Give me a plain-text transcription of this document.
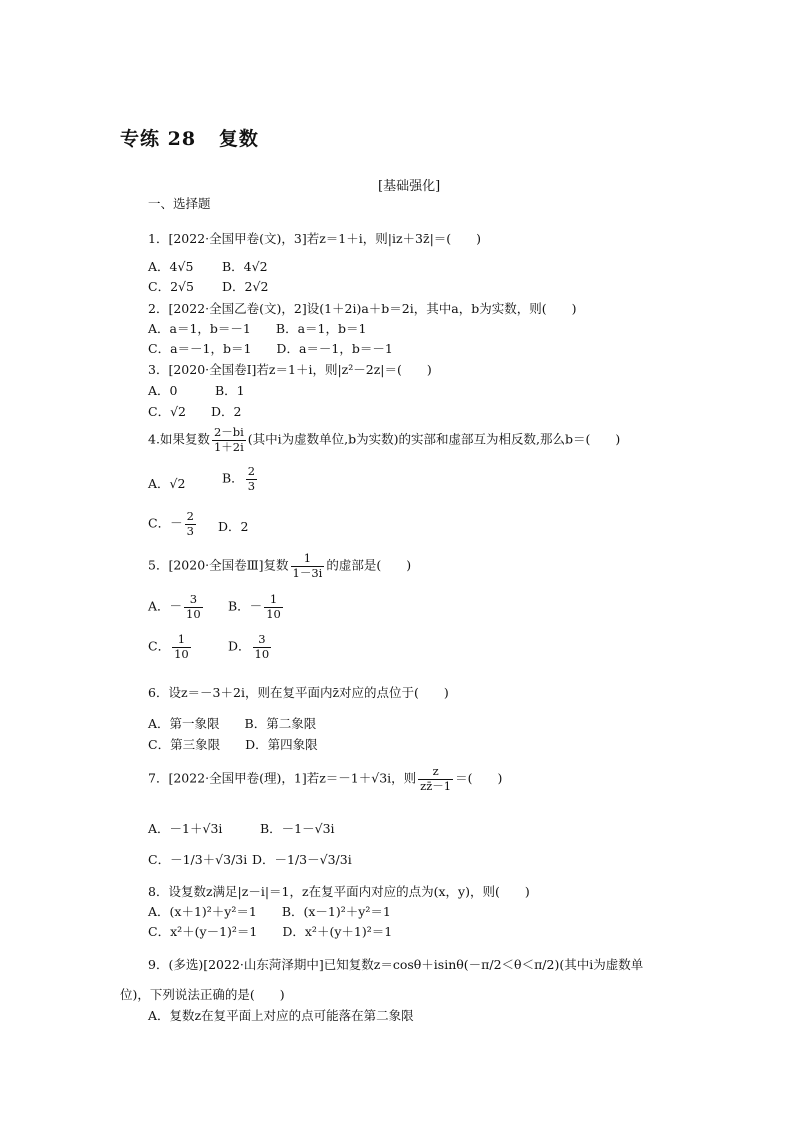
专练 28 复数
[基础强化]
一、选择题
1．[2022·全国甲卷(文)，3]若z＝1＋i，则|iz＋3z̄|＝(　　)
A．4√5 B．4√2
C．2√5 D．2√2
2．[2022·全国乙卷(文)，2]设(1＋2i)a＋b＝2i，其中a，b为实数，则(　　)
A．a＝1，b＝－1　　B．a＝1，b＝1
C．a＝－1，b＝1　　D．a＝－1，b＝－1
3．[2020·全国卷Ⅰ]若z＝1＋i，则|z²－2z|＝(　　)
A．0　　　B．1
C．√2　　D．2
4.如果复数 $\frac{2-bi}{1+2i}$ (其中i为虚数单位,b为实数)的实部和虚部互为相反数,那么b＝(　　)
A．√2	B． $\frac{2}{3}$
C．－ $\frac{2}{3}$ D．2
5．[2020·全国卷Ⅲ]复数 $\frac{1}{1-3i}$ 的虚部是(　　)
A．－ $\frac{3}{10}$ B．－ $\frac{1}{10}$
C． $\frac{1}{10}$	D． $\frac{3}{10}$
6．设z＝－3＋2i，则在复平面内z̄对应的点位于(　　)
A．第一象限　　B．第二象限
C．第三象限　　D．第四象限
7．[2022·全国甲卷(理)，1]若z＝－1＋√3i，则 $\frac{z}{zz̄-1}$ ＝(　　)
A．－1＋√3i	B．－1－√3i
C．－1/3＋√3/3i D．－1/3－√3/3i
8．设复数z满足|z－i|＝1，z在复平面内对应的点为(x，y)，则(　　)
A．(x＋1)²＋y²＝1　　B．(x－1)²＋y²＝1
C．x²＋(y－1)²＝1　　D．x²＋(y＋1)²＝1
9．(多选)[2022·山东菏泽期中]已知复数z＝cosθ＋isinθ(－π/2＜θ＜π/2)(其中i为虚数单
位)，下列说法正确的是(　　)
A．复数z在复平面上对应的点可能落在第二象限
